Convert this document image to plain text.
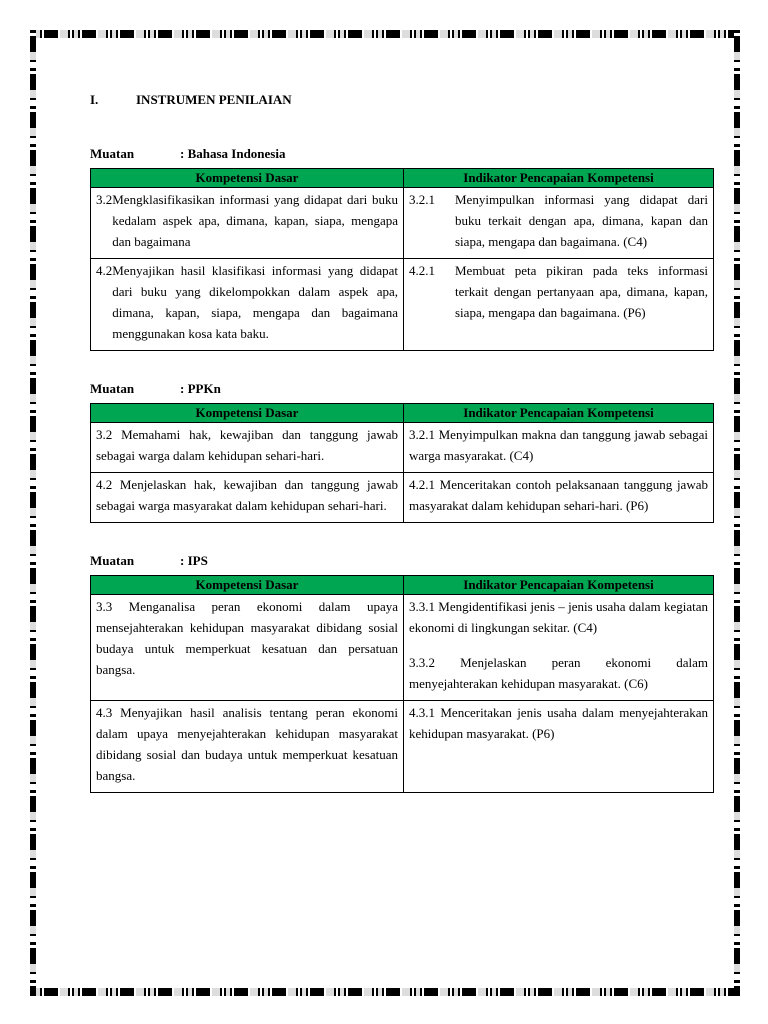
I.	INSTRUMEN PENILAIAN
Muatan	: Bahasa Indonesia
Kompetensi Dasar	Indikator Pencapaian Kompetensi

3.2 Mengklasifikasikan informasi yang didapat dari buku kedalam aspek apa, dimana, kapan, siapa, mengapa dan bagaimana	3.2.1 Menyimpulkan informasi yang didapat dari buku terkait dengan apa, dimana, kapan dan siapa, mengapa dan bagaimana. (C4)

4.2 Menyajikan hasil klasifikasi informasi yang didapat dari buku yang dikelompokkan dalam aspek apa, dimana, kapan, siapa, mengapa dan bagaimana menggunakan kosa kata baku.	4.2.1 Membuat peta pikiran pada teks informasi terkait dengan pertanyaan apa, dimana, kapan, siapa, mengapa dan bagaimana. (P6)
Muatan	: PPKn
Kompetensi Dasar	Indikator Pencapaian Kompetensi
3.2 Memahami hak, kewajiban dan tanggung jawab sebagai warga dalam kehidupan sehari-hari.	3.2.1 Menyimpulkan makna dan tanggung jawab sebagai warga masyarakat. (C4)
4.2 Menjelaskan hak, kewajiban dan tanggung jawab sebagai warga masyarakat dalam kehidupan sehari-hari.	4.2.1 Menceritakan contoh pelaksanaan tanggung jawab masyarakat dalam kehidupan sehari-hari. (P6)
Muatan	: IPS
Kompetensi Dasar	Indikator Pencapaian Kompetensi
3.3 Menganalisa peran ekonomi dalam upaya mensejahterakan kehidupan masyarakat dibidang sosial budaya untuk memperkuat kesatuan dan persatuan bangsa.	3.3.1 Mengidentifikasi jenis – jenis usaha dalam kegiatan ekonomi di lingkungan sekitar. (C4)
3.3.2 Menjelaskan peran ekonomi dalam menyejahterakan kehidupan masyarakat. (C6)

4.3 Menyajikan hasil analisis tentang peran ekonomi dalam upaya menyejahterakan kehidupan masyarakat dibidang sosial dan budaya untuk memperkuat kesatuan bangsa.	4.3.1 Menceritakan jenis usaha dalam menyejahterakan kehidupan masyarakat. (P6)
